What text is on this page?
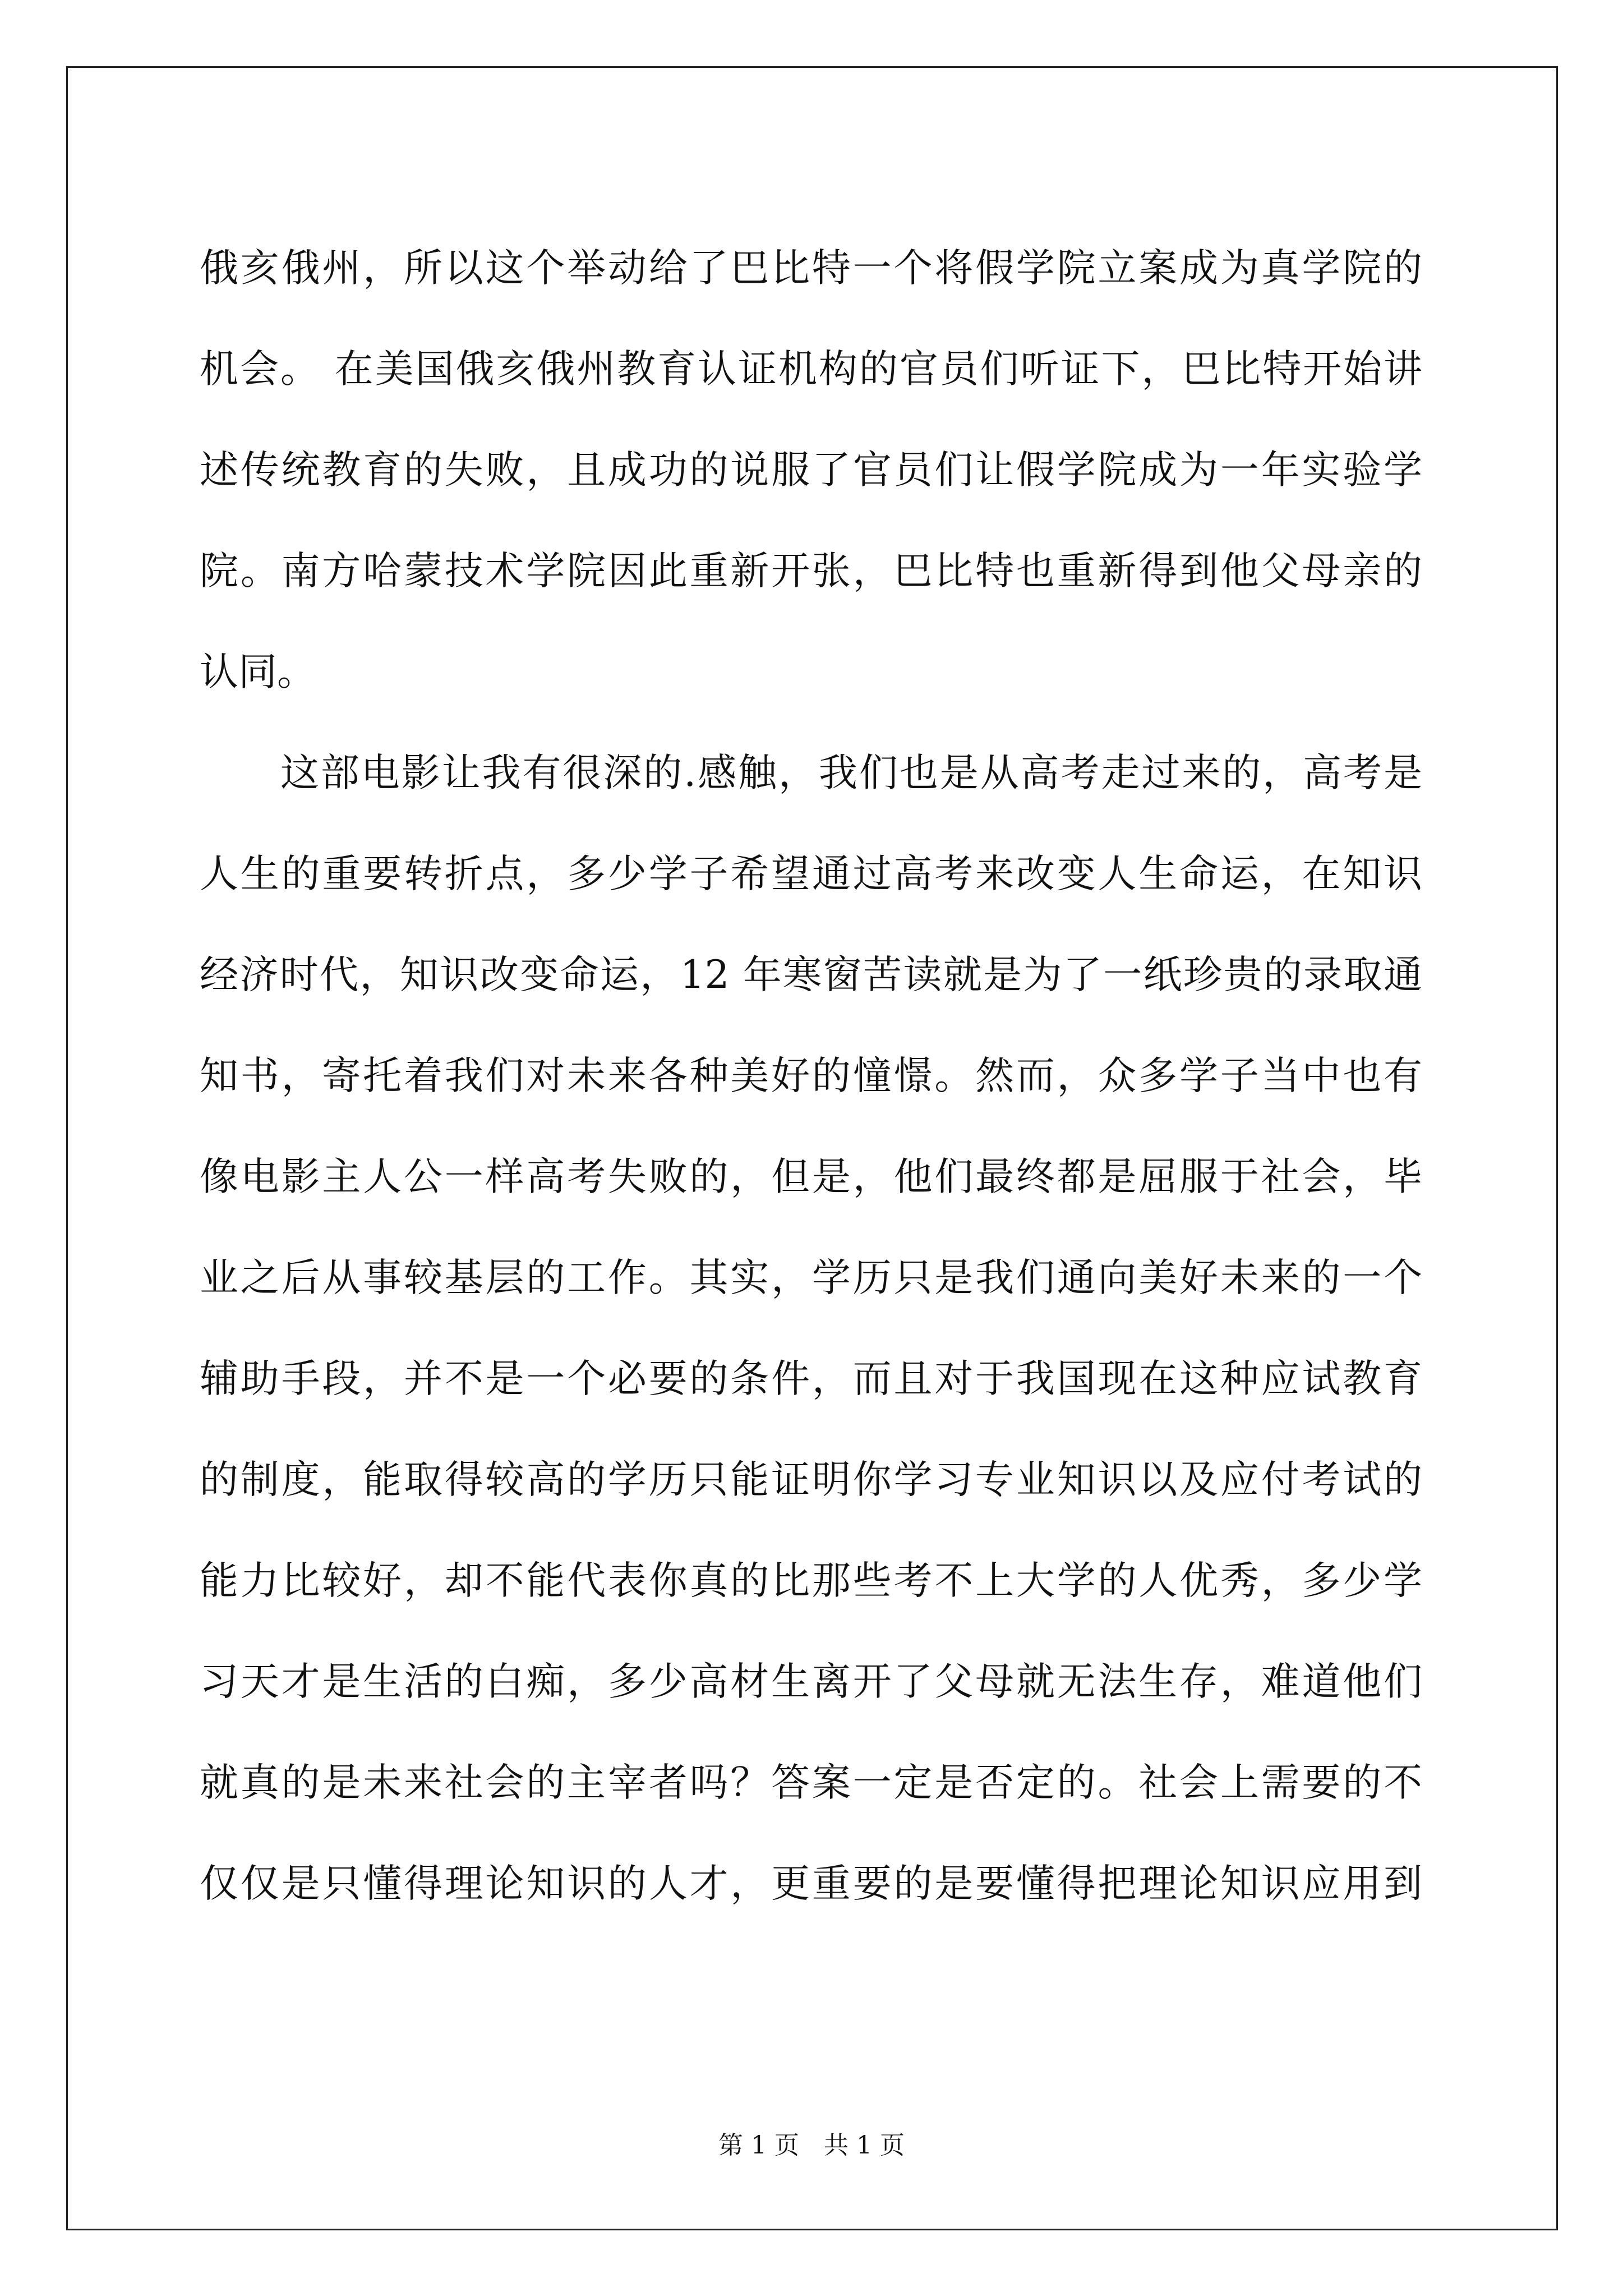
俄亥俄州，所以这个举动给了巴比特一个将假学院立案成为真学院的
机会。 在美国俄亥俄州教育认证机构的官员们听证下，巴比特开始讲
述传统教育的失败，且成功的说服了官员们让假学院成为一年实验学
院。南方哈蒙技术学院因此重新开张，巴比特也重新得到他父母亲的
认同。
　　这部电影让我有很深的.感触，我们也是从高考走过来的，高考是
人生的重要转折点，多少学子希望通过高考来改变人生命运，在知识
经济时代，知识改变命运，12 年寒窗苦读就是为了一纸珍贵的录取通
知书，寄托着我们对未来各种美好的憧憬。然而，众多学子当中也有
像电影主人公一样高考失败的，但是，他们最终都是屈服于社会，毕
业之后从事较基层的工作。其实，学历只是我们通向美好未来的一个
辅助手段，并不是一个必要的条件，而且对于我国现在这种应试教育
的制度，能取得较高的学历只能证明你学习专业知识以及应付考试的
能力比较好，却不能代表你真的比那些考不上大学的人优秀，多少学
习天才是生活的白痴，多少高材生离开了父母就无法生存，难道他们
就真的是未来社会的主宰者吗？答案一定是否定的。社会上需要的不
仅仅是只懂得理论知识的人才，更重要的是要懂得把理论知识应用到
第 1 页　共 1 页
